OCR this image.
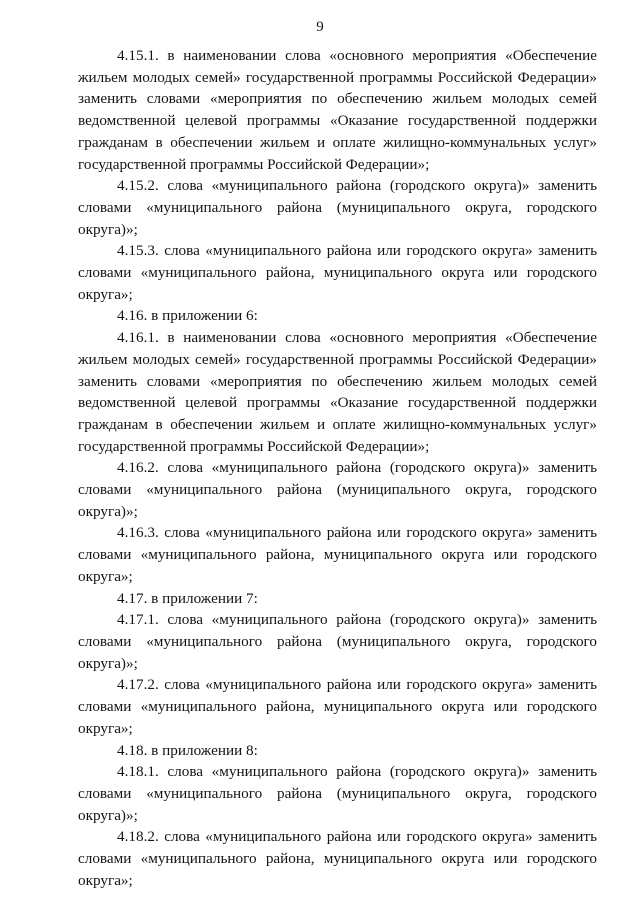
9

4.15.1. в наименовании слова «основного мероприятия «Обеспечение
жильем молодых семей» государственной программы Российской Федерации»
заменить словами «мероприятия по обеспечению жильем молодых семей
ведомственной целевой программы «Оказание государственной поддержки
гражданам в обеспечении жильем и оплате жилищно-коммунальных услуг»
государственной программы Российской Федерации»;

4.15.2. слова «муниципального района (городского округа)» заменить
словами «муниципального района (муниципального округа, городского
округа)»;

4.15.3. слова «муниципального района или городского округа» заменить
словами «муниципального района, муниципального округа или городского
округа»;

4.16. в приложении 6:

4.16.1. в наименовании слова «основного мероприятия «Обеспечение
жильем молодых семей» государственной программы Российской Федерации»
заменить словами «мероприятия по обеспечению жильем молодых семей
ведомственной целевой программы «Оказание государственной поддержки
гражданам в обеспечении жильем и оплате жилищно-коммунальных услуг»
государственной программы Российской Федерации»;

4.16.2. слова «муниципального района (городского округа)» заменить
словами «муниципального района (муниципального округа, городского
округа)»;

4.16.3. слова «муниципального района или городского округа» заменить
словами «муниципального района, муниципального округа или городского
округа»;

4.17. в приложении 7:

4.17.1. слова «муниципального района (городского округа)» заменить
словами «муниципального района (муниципального округа, городского
округа)»;

4.17.2. слова «муниципального района или городского округа» заменить
словами «муниципального района, муниципального округа или городского
округа»;

4.18. в приложении 8:

4.18.1. слова «муниципального района (городского округа)» заменить
словами «муниципального района (муниципального округа, городского
округа)»;

4.18.2. слова «муниципального района или городского округа» заменить
словами «муниципального района, муниципального округа или городского
округа»;
